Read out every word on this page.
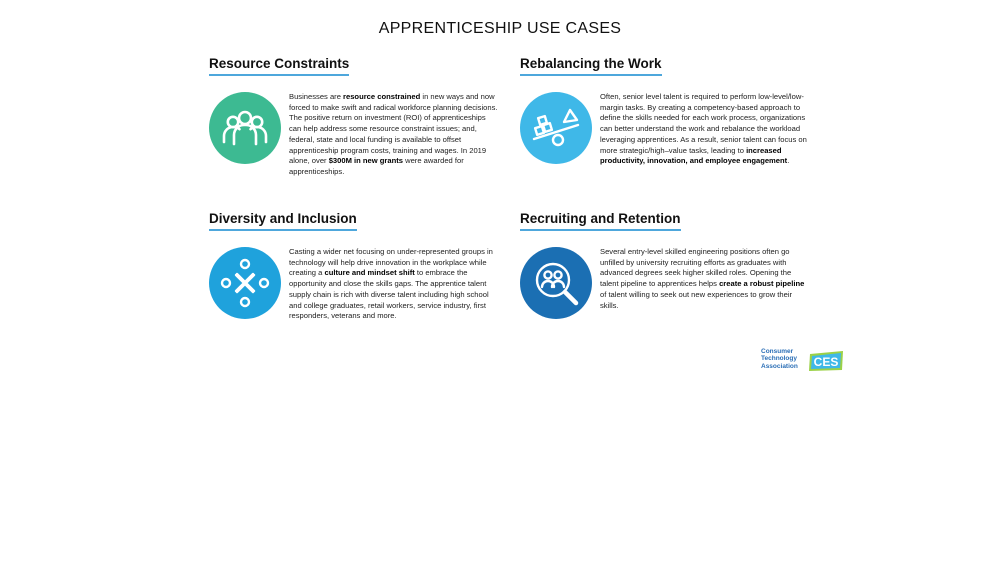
APPRENTICESHIP USE CASES
Resource Constraints
Businesses are resource constrained in new ways and now forced to make swift and radical workforce planning decisions. The positive return on investment (ROI) of apprenticeships can help address some resource constraint issues; and, federal, state and local funding is available to offset apprenticeship program costs, training and wages. In 2019 alone, over $300M in new grants were awarded for apprenticeships.
Rebalancing the Work
Often, senior level talent is required to perform low-level/low-margin tasks. By creating a competency-based approach to define the skills needed for each work process, organizations can better understand the work and rebalance the workload leveraging apprentices. As a result, senior talent can focus on more strategic/high–value tasks, leading to increased productivity, innovation, and employee engagement.
Diversity and Inclusion
Casting a wider net focusing on under-represented groups in technology will help drive innovation in the workplace while creating a culture and mindset shift to embrace the opportunity and close the skills gaps. The apprentice talent supply chain is rich with diverse talent including high school and college graduates, retail workers, service industry, first responders, veterans and more.
Recruiting and Retention
Several entry-level skilled engineering positions often go unfilled by university recruiting efforts as graduates with advanced degrees seek higher skilled roles. Opening the talent pipeline to apprentices helps create a robust pipeline of talent willing to seek out new experiences to grow their skills.
Consumer
Technology
Association CES
